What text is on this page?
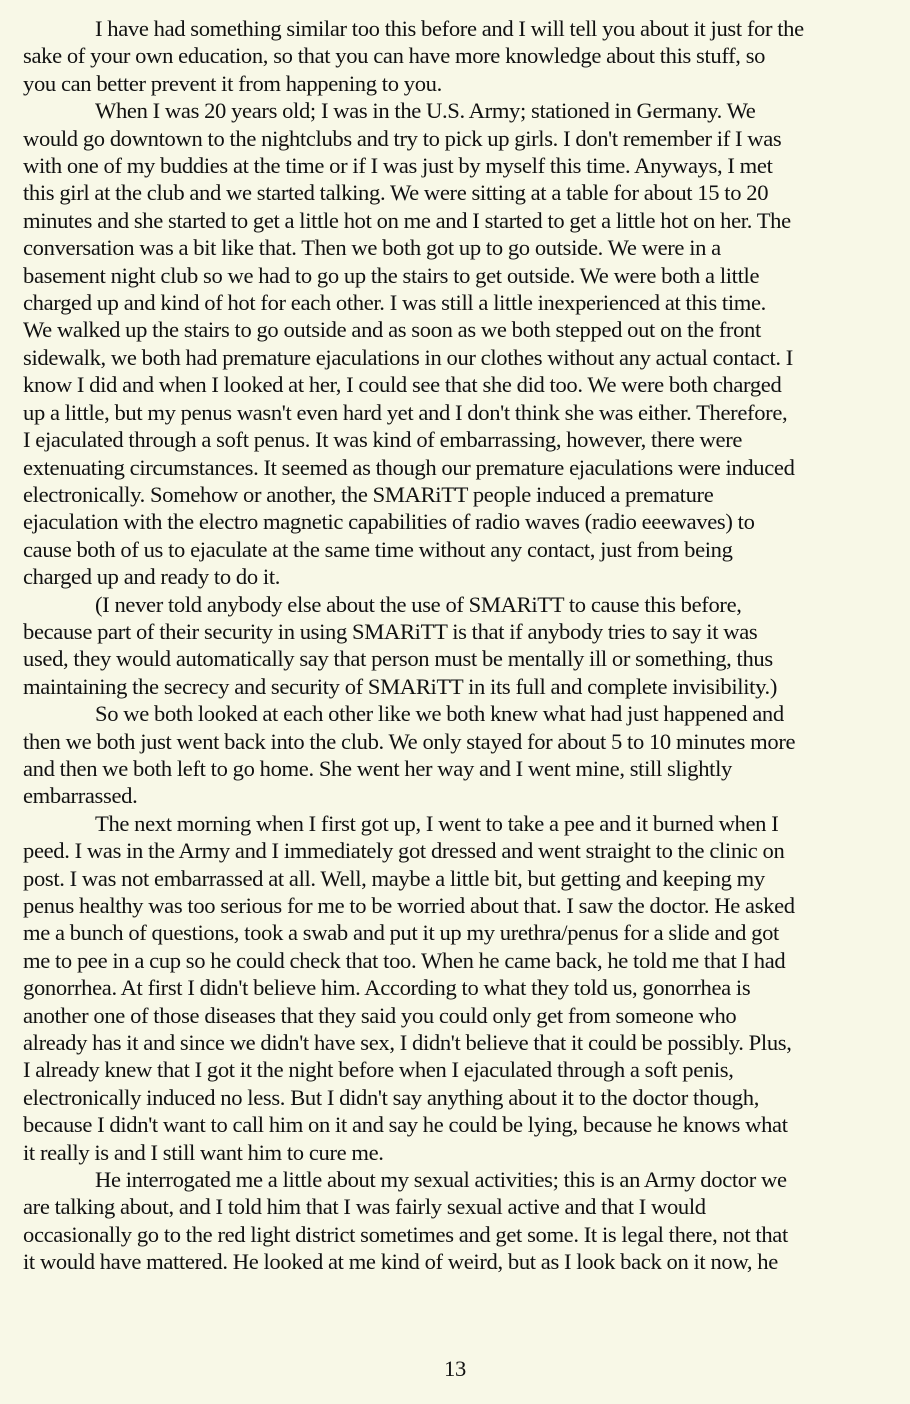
I have had something similar too this before and I will tell you about it just for the
sake of your own education, so that you can have more knowledge about this stuff, so
you can better prevent it from happening to you.
When I was 20 years old; I was in the U.S. Army; stationed in Germany. We
would go downtown to the nightclubs and try to pick up girls. I don't remember if I was
with one of my buddies at the time or if I was just by myself this time. Anyways, I met
this girl at the club and we started talking. We were sitting at a table for about 15 to 20
minutes and she started to get a little hot on me and I started to get a little hot on her. The
conversation was a bit like that. Then we both got up to go outside. We were in a
basement night club so we had to go up the stairs to get outside. We were both a little
charged up and kind of hot for each other. I was still a little inexperienced at this time.
We walked up the stairs to go outside and as soon as we both stepped out on the front
sidewalk, we both had premature ejaculations in our clothes without any actual contact. I
know I did and when I looked at her, I could see that she did too. We were both charged
up a little, but my penus wasn't even hard yet and I don't think she was either. Therefore,
I ejaculated through a soft penus. It was kind of embarrassing, however, there were
extenuating circumstances. It seemed as though our premature ejaculations were induced
electronically. Somehow or another, the SMARiTT people induced a premature
ejaculation with the electro magnetic capabilities of radio waves (radio eeewaves) to
cause both of us to ejaculate at the same time without any contact, just from being
charged up and ready to do it.
(I never told anybody else about the use of SMARiTT to cause this before,
because part of their security in using SMARiTT is that if anybody tries to say it was
used, they would automatically say that person must be mentally ill or something, thus
maintaining the secrecy and security of SMARiTT in its full and complete invisibility.)
So we both looked at each other like we both knew what had just happened and
then we both just went back into the club. We only stayed for about 5 to 10 minutes more
and then we both left to go home. She went her way and I went mine, still slightly
embarrassed.
The next morning when I first got up, I went to take a pee and it burned when I
peed. I was in the Army and I immediately got dressed and went straight to the clinic on
post. I was not embarrassed at all. Well, maybe a little bit, but getting and keeping my
penus healthy was too serious for me to be worried about that. I saw the doctor. He asked
me a bunch of questions, took a swab and put it up my urethra/penus for a slide and got
me to pee in a cup so he could check that too. When he came back, he told me that I had
gonorrhea. At first I didn't believe him. According to what they told us, gonorrhea is
another one of those diseases that they said you could only get from someone who
already has it and since we didn't have sex, I didn't believe that it could be possibly. Plus,
I already knew that I got it the night before when I ejaculated through a soft penis,
electronically induced no less. But I didn't say anything about it to the doctor though,
because I didn't want to call him on it and say he could be lying, because he knows what
it really is and I still want him to cure me.
He interrogated me a little about my sexual activities; this is an Army doctor we
are talking about, and I told him that I was fairly sexual active and that I would
occasionally go to the red light district sometimes and get some. It is legal there, not that
it would have mattered. He looked at me kind of weird, but as I look back on it now, he
13
